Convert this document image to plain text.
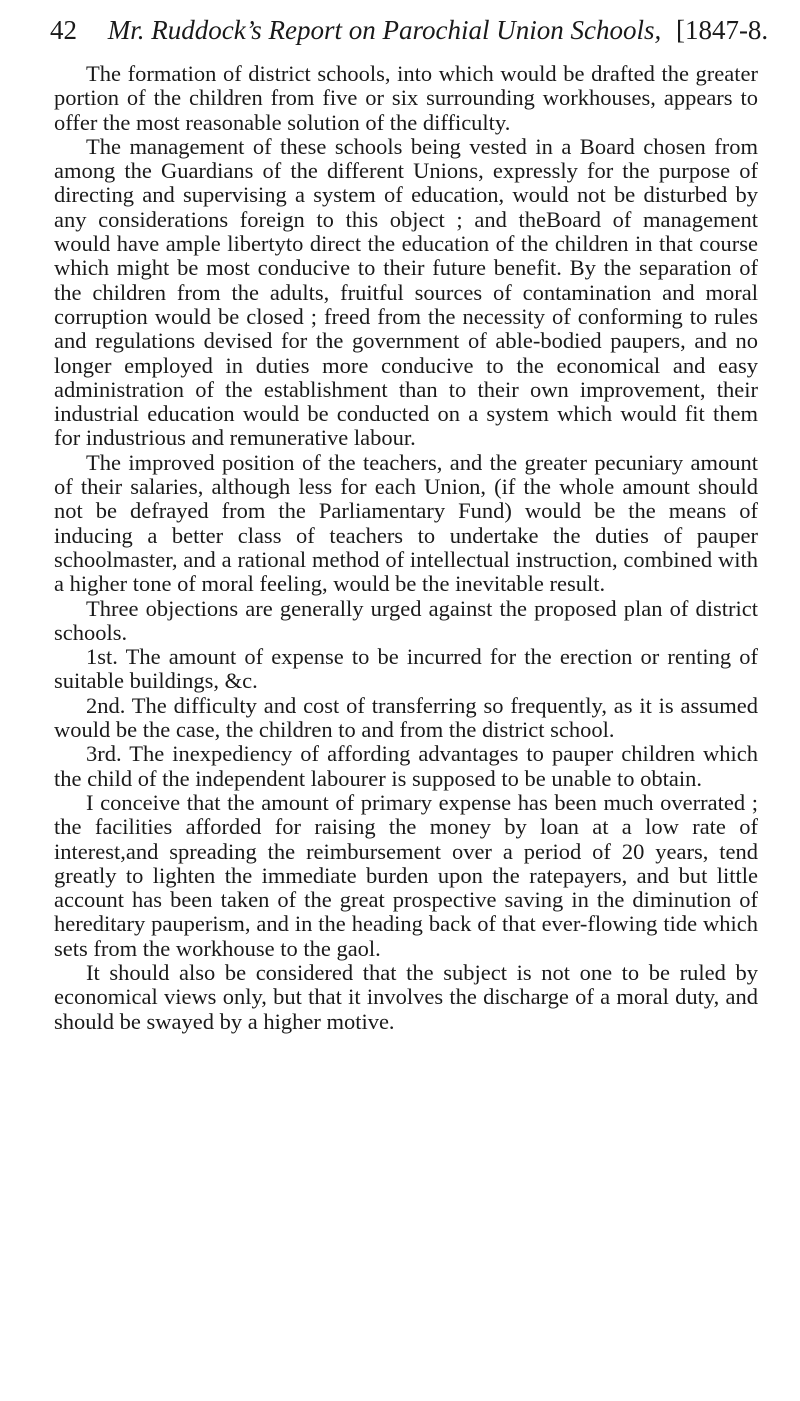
42 Mr. Ruddock’s Report on Parochial Union Schools, [1847-8.

The formation of district schools, into which would be drafted the greater portion of the children from five or six surrounding workhouses, appears to offer the most reasonable solution of the difficulty.

The management of these schools being vested in a Board chosen from among the Guardians of the different Unions, expressly for the purpose of directing and supervising a system of education, would not be disturbed by any considerations foreign to this object ; and theBoard of management would have ample libertyto direct the education of the children in that course which might be most conducive to their future benefit. By the separation of the children from the adults, fruitful sources of contamination and moral corruption would be closed ; freed from the necessity of conforming to rules and regulations devised for the government of able-bodied paupers, and no longer employed in duties more conducive to the economical and easy administration of the establishment than to their own improvement, their industrial education would be conducted on a system which would fit them for industrious and remunerative labour.

The improved position of the teachers, and the greater pecuniary amount of their salaries, although less for each Union, (if the whole amount should not be defrayed from the Parliamentary Fund) would be the means of inducing a better class of teachers to undertake the duties of pauper schoolmaster, and a rational method of intellectual instruction, combined with a higher tone of moral feeling, would be the inevitable result.

Three objections are generally urged against the proposed plan of district schools.

1st. The amount of expense to be incurred for the erection or renting of suitable buildings, &c.

2nd. The difficulty and cost of transferring so frequently, as it is assumed would be the case, the children to and from the district school.

3rd. The inexpediency of affording advantages to pauper children which the child of the independent labourer is supposed to be unable to obtain.

I conceive that the amount of primary expense has been much overrated ; the facilities afforded for raising the money by loan at a low rate of interest,and spreading the reimbursement over a period of 20 years, tend greatly to lighten the immediate burden upon the ratepayers, and but little account has been taken of the great prospective saving in the diminution of hereditary pauperism, and in the heading back of that ever-flowing tide which sets from the workhouse to the gaol.

It should also be considered that the subject is not one to be ruled by economical views only, but that it involves the discharge of a moral duty, and should be swayed by a higher motive.
